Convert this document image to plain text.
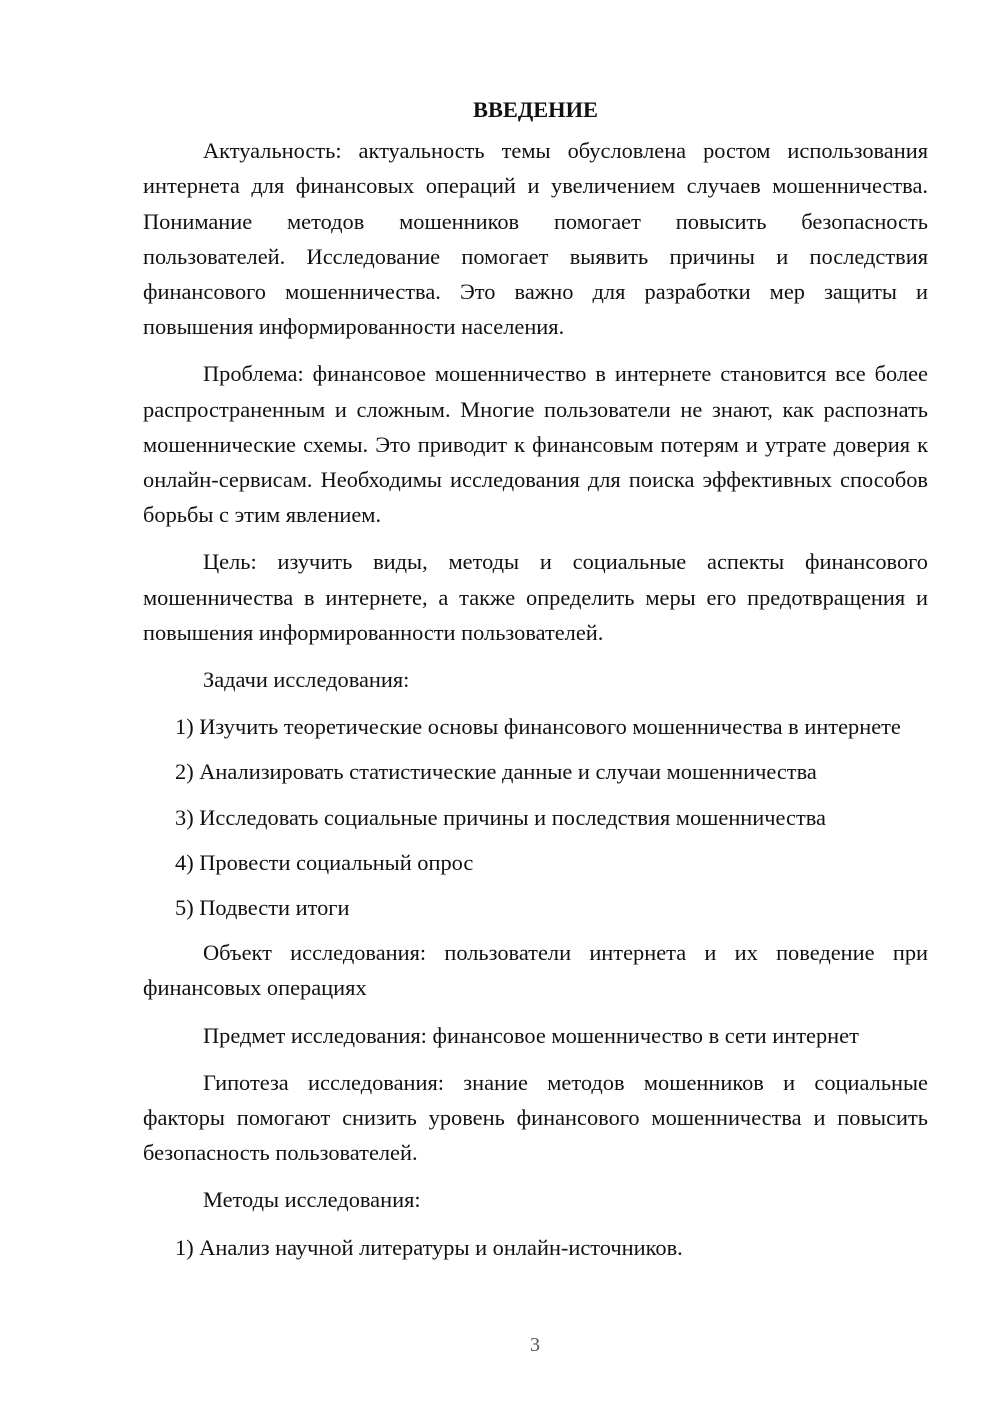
ВВЕДЕНИЕ

Актуальность: актуальность темы обусловлена ростом использования интернета для финансовых операций и увеличением случаев мошенничества. Понимание методов мошенников помогает повысить безопасность пользователей. Исследование помогает выявить причины и последствия финансового мошенничества. Это важно для разработки мер защиты и повышения информированности населения.

Проблема: финансовое мошенничество в интернете становится все более распространенным и сложным. Многие пользователи не знают, как распознать мошеннические схемы. Это приводит к финансовым потерям и утрате доверия к онлайн-сервисам. Необходимы исследования для поиска эффективных способов борьбы с этим явлением.

Цель: изучить виды, методы и социальные аспекты финансового мошенничества в интернете, а также определить меры его предотвращения и повышения информированности пользователей.

Задачи исследования:

1) Изучить теоретические основы финансового мошенничества в интернете

2) Анализировать статистические данные и случаи мошенничества

3) Исследовать социальные причины и последствия мошенничества

4) Провести социальный опрос

5) Подвести итоги

Объект исследования: пользователи интернета и их поведение при финансовых операциях

Предмет исследования: финансовое мошенничество в сети интернет

Гипотеза исследования: знание методов мошенников и социальные факторы помогают снизить уровень финансового мошенничества и повысить безопасность пользователей.

Методы исследования:

1) Анализ научной литературы и онлайн-источников.

3
